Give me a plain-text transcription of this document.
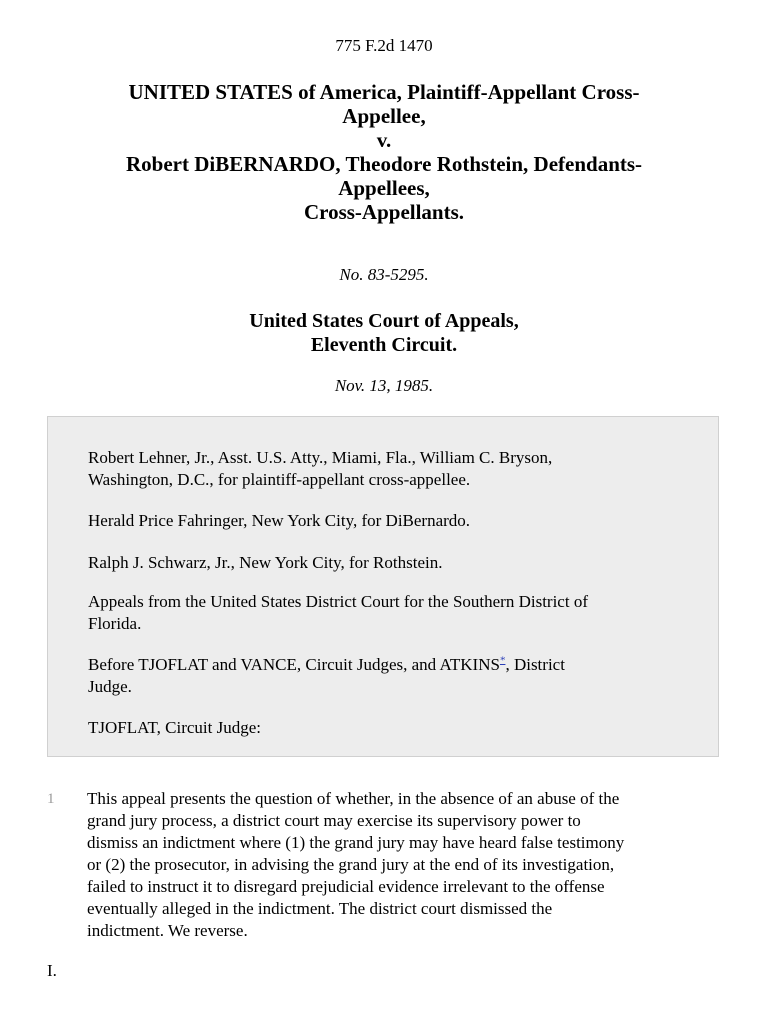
775 F.2d 1470
UNITED STATES of America, Plaintiff-Appellant Cross-
Appellee,
v.
Robert DiBERNARDO, Theodore Rothstein, Defendants-
Appellees,
Cross-Appellants.
No. 83-5295.
United States Court of Appeals,
Eleventh Circuit.
Nov. 13, 1985.

Robert Lehner, Jr., Asst. U.S. Atty., Miami, Fla., William C. Bryson,
Washington, D.C., for plaintiff-appellant cross-appellee.

Herald Price Fahringer, New York City, for DiBernardo.

Ralph J. Schwarz, Jr., New York City, for Rothstein.

Appeals from the United States District Court for the Southern District of
Florida.

Before TJOFLAT and VANCE, Circuit Judges, and ATKINS*, District
Judge.

TJOFLAT, Circuit Judge:

1 This appeal presents the question of whether, in the absence of an abuse of the
grand jury process, a district court may exercise its supervisory power to
dismiss an indictment where (1) the grand jury may have heard false testimony
or (2) the prosecutor, in advising the grand jury at the end of its investigation,
failed to instruct it to disregard prejudicial evidence irrelevant to the offense
eventually alleged in the indictment. The district court dismissed the
indictment. We reverse.

I.
